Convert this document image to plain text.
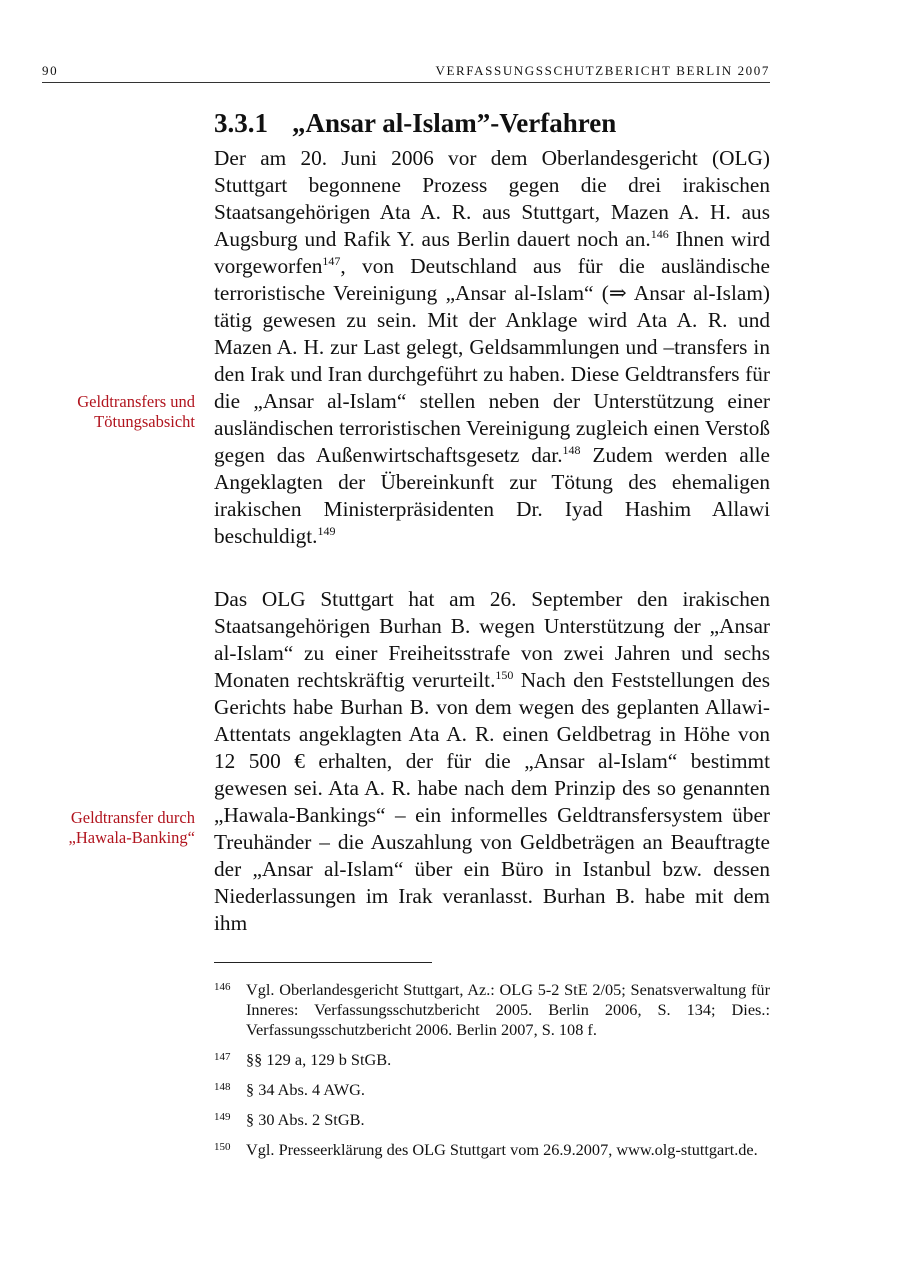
90	VERFASSUNGSSCHUTZBERICHT BERLIN 2007
3.3.1 „Ansar al-Islam”-Verfahren
Geldtransfers und Tötungsabsicht
Geldtransfer durch „Hawala-Banking“

Der am 20. Juni 2006 vor dem Oberlandesgericht (OLG) Stuttgart begonnene Prozess gegen die drei irakischen Staatsangehörigen Ata A. R. aus Stuttgart, Mazen A. H. aus Augsburg und Rafik Y. aus Berlin dauert noch an.$^{146}$ Ihnen wird vorgeworfen$^{147}$, von Deutschland aus für die ausländische terroristische Vereinigung „Ansar al-Islam“ (⇒ Ansar al-Islam) tätig gewesen zu sein. Mit der Anklage wird Ata A. R. und Mazen A. H. zur Last gelegt, Geldsammlungen und –transfers in den Irak und Iran durchgeführt zu haben. Diese Geldtransfers für die „Ansar al-Islam“ stellen neben der Unterstützung einer ausländischen terroristischen Vereinigung zugleich einen Verstoß gegen das Außenwirtschaftsgesetz dar.$^{148}$ Zudem werden alle Angeklagten der Übereinkunft zur Tötung des ehemaligen irakischen Ministerpräsidenten Dr. Iyad Hashim Allawi beschuldigt.$^{149}$

Das OLG Stuttgart hat am 26. September den irakischen Staatsangehörigen Burhan B. wegen Unterstützung der „Ansar al-Islam“ zu einer Freiheitsstrafe von zwei Jahren und sechs Monaten rechtskräftig verurteilt.$^{150}$ Nach den Feststellungen des Gerichts habe Burhan B. von dem wegen des geplanten Allawi-Attentats angeklagten Ata A. R. einen Geldbetrag in Höhe von 12 500 € erhalten, der für die „Ansar al-Islam“ bestimmt gewesen sei. Ata A. R. habe nach dem Prinzip des so genannten „Hawala-Bankings“ – ein informelles Geldtransfersystem über Treuhänder – die Auszahlung von Geldbeträgen an Beauftragte der „Ansar al-Islam“ über ein Büro in Istanbul bzw. dessen Niederlassungen im Irak veranlasst. Burhan B. habe mit dem ihm

146 Vgl. Oberlandesgericht Stuttgart, Az.: OLG 5-2 StE 2/05; Senatsverwaltung für Inneres: Verfassungsschutzbericht 2005. Berlin 2006, S. 134; Dies.: Verfassungsschutzbericht 2006. Berlin 2007, S. 108 f.
147 §§ 129 a, 129 b StGB.
148 § 34 Abs. 4 AWG.
149 § 30 Abs. 2 StGB.
150 Vgl. Presseerklärung des OLG Stuttgart vom 26.9.2007, www.olg-stuttgart.de.
